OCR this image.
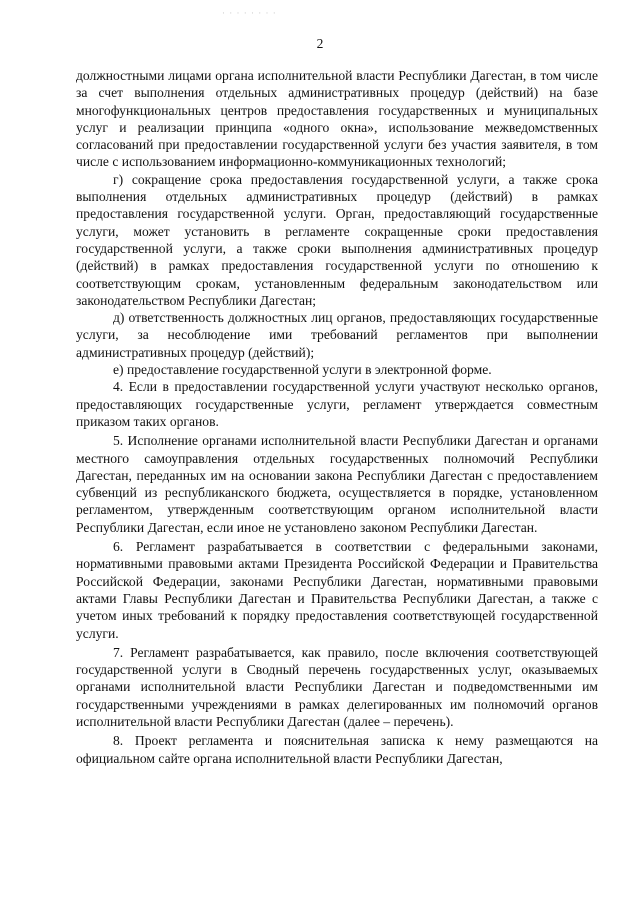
· · · · · · · ·
2

должностными лицами органа исполнительной власти Республики Дагестан, в том числе за счет выполнения отдельных административных процедур (действий) на базе многофункциональных центров предоставления государственных и муниципальных услуг и реализации принципа «одного окна», использование межведомственных согласований при предоставлении государственной услуги без участия заявителя, в том числе с использованием информационно-коммуникационных технологий;

г) сокращение срока предоставления государственной услуги, а также срока выполнения отдельных административных процедур (действий) в рамках предоставления государственной услуги. Орган, предоставляющий государственные услуги, может установить в регламенте сокращенные сроки предоставления государственной услуги, а также сроки выполнения административных процедур (действий) в рамках предоставления государственной услуги по отношению к соответствующим срокам, установленным федеральным законодательством или законодательством Республики Дагестан;

д) ответственность должностных лиц органов, предоставляющих государственные услуги, за несоблюдение ими требований регламентов при выполнении административных процедур (действий);

е) предоставление государственной услуги в электронной форме.

4. Если в предоставлении государственной услуги участвуют несколько органов, предоставляющих государственные услуги, регламент утверждается совместным приказом таких органов.

5. Исполнение органами исполнительной власти Республики Дагестан и органами местного самоуправления отдельных государственных полномочий Республики Дагестан, переданных им на основании закона Республики Дагестан с предоставлением субвенций из республиканского бюджета, осуществляется в порядке, установленном регламентом, утвержденным соответствующим органом исполнительной власти Республики Дагестан, если иное не установлено законом Республики Дагестан.

6. Регламент разрабатывается в соответствии с федеральными законами, нормативными правовыми актами Президента Российской Федерации и Правительства Российской Федерации, законами Республики Дагестан, нормативными правовыми актами Главы Республики Дагестан и Правительства Республики Дагестан, а также с учетом иных требований к порядку предоставления соответствующей государственной услуги.

7. Регламент разрабатывается, как правило, после включения соответствующей государственной услуги в Сводный перечень государственных услуг, оказываемых органами исполнительной власти Республики Дагестан и подведомственными им государственными учреждениями в рамках делегированных им полномочий органов исполнительной власти Республики Дагестан (далее – перечень).

8. Проект регламента и пояснительная записка к нему размещаются на официальном сайте органа исполнительной власти Республики Дагестан,
